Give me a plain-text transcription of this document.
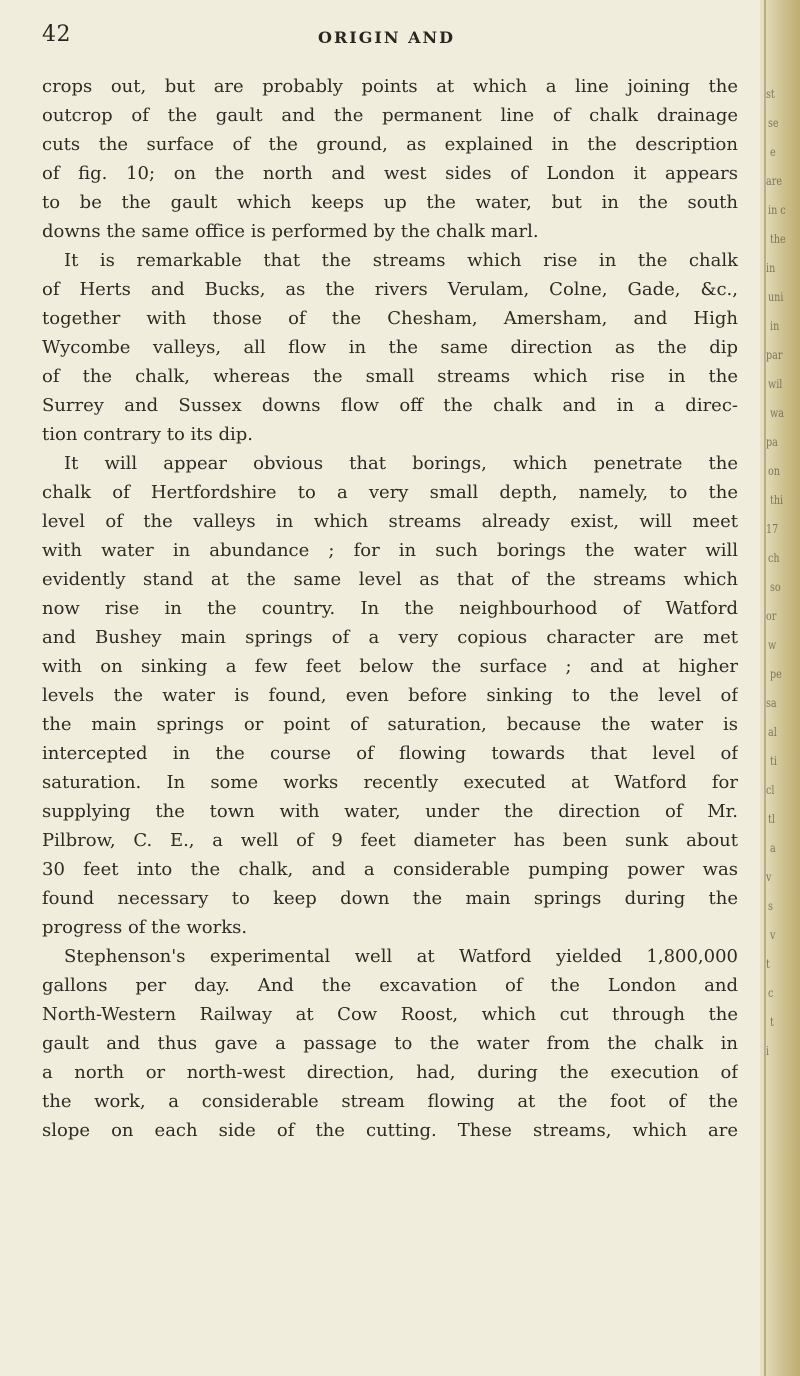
42	ORIGIN AND
crops out, but are probably points at which a line joining the
outcrop of the gault and the permanent line of chalk drainage
cuts the surface of the ground, as explained in the description
of fig. 10; on the north and west sides of London it appears
to be the gault which keeps up the water, but in the south
downs the same office is performed by the chalk marl.
It is remarkable that the streams which rise in the chalk
of Herts and Bucks, as the rivers Verulam, Colne, Gade, &c.,
together with those of the Chesham, Amersham, and High
Wycombe valleys, all flow in the same direction as the dip
of the chalk, whereas the small streams which rise in the
Surrey and Sussex downs flow off the chalk and in a direc-
tion contrary to its dip.
It will appear obvious that borings, which penetrate the
chalk of Hertfordshire to a very small depth, namely, to the
level of the valleys in which streams already exist, will meet
with water in abundance ; for in such borings the water will
evidently stand at the same level as that of the streams which
now rise in the country. In the neighbourhood of Watford
and Bushey main springs of a very copious character are met
with on sinking a few feet below the surface ; and at higher
levels the water is found, even before sinking to the level of
the main springs or point of saturation, because the water is
intercepted in the course of flowing towards that level of
saturation. In some works recently executed at Watford for
supplying the town with water, under the direction of Mr.
Pilbrow, C. E., a well of 9 feet diameter has been sunk about
30 feet into the chalk, and a considerable pumping power was
found necessary to keep down the main springs during the
progress of the works.
Stephenson's experimental well at Watford yielded 1,800,000
gallons per day. And the excavation of the London and
North-Western Railway at Cow Roost, which cut through the
gault and thus gave a passage to the water from the chalk in
a north or north-west direction, had, during the execution of
the work, a considerable stream flowing at the foot of the
slope on each side of the cutting. These streams, which are
st
se
e
are
in c
the
in
uni
in
par
wil
wa
pa
on
thi
17
ch
so
or
w
pe
sa
al
ti
cl
tl
a
v
s
v
t
c
t
i
